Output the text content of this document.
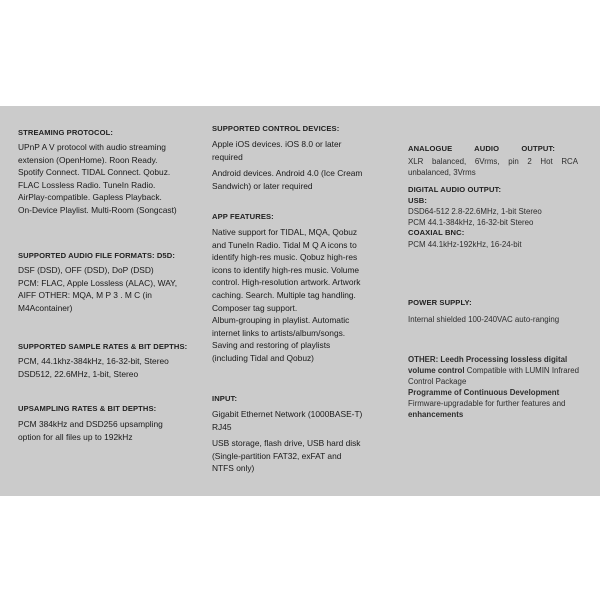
STREAMING PROTOCOL:

UPnP A V protocol with audio streaming

extension (OpenHome). Roon Ready.

Spotify Connect. TIDAL Connect. Qobuz.

FLAC Lossless Radio. TuneIn Radio.

AirPlay-compatible. Gapless Playback.

On-Device Playlist. Multi-Room (Songcast)

SUPPORTED AUDIO FILE FORMATS: D5D:

DSF (DSD), OFF (DSD), DoP (DSD)

PCM: FLAC, Apple Lossless (ALAC), WAY,

AIFF OTHER: MQA, M P 3 . M C (in

M4Acontainer)

SUPPORTED SAMPLE RATES & BIT DEPTHS:

PCM, 44.1khz-384kHz, 16-32-bit, Stereo

DSD512, 22.6MHz, 1-bit, Stereo

UPSAMPLING RATES & BIT DEPTHS:

PCM 384kHz and DSD256 upsampling

option for all files up to 192kHz

SUPPORTED CONTROL DEVICES:

Apple iOS devices. iOS 8.0 or later

required

Android devices. Android 4.0 (Ice Cream

Sandwich) or later required

APP FEATURES:

Native support for TIDAL, MQA, Qobuz

and TuneIn Radio. Tidal M Q A icons to

identify high-res music. Qobuz high-res

icons to identify high-res music. Volume

control. High-resolution artwork. Artwork

caching. Search. Multiple tag handling.

Composer tag support.

Album-grouping in playlist. Automatic

internet links to artists/album/songs.

Saving and restoring of playlists

(including Tidal and Qobuz)

INPUT:

Gigabit Ethernet Network (1000BASE-T)

RJ45

USB storage, flash drive, USB hard disk

(Single-partition FAT32, exFAT and

NTFS only)

ANALOGUE AUDIO OUTPUT:

XLR balanced, 6Vrms, pin 2 Hot RCA unbalanced, 3Vrms

DIGITAL AUDIO OUTPUT:
USB:

DSD64-512 2.8-22.6MHz, 1-bit Stereo

PCM 44.1-384kHz, 16-32-bit Stereo

COAXIAL BNC:

PCM 44.1kHz-192kHz, 16-24-bit

POWER SUPPLY:

Internal shielded 100-240VAC auto-ranging

OTHER: Leedh Processing lossless digital volume control Compatible with LUMIN Infrared Control Package

Programme of Continuous Development

Firmware-upgradable for further features and enhancements
